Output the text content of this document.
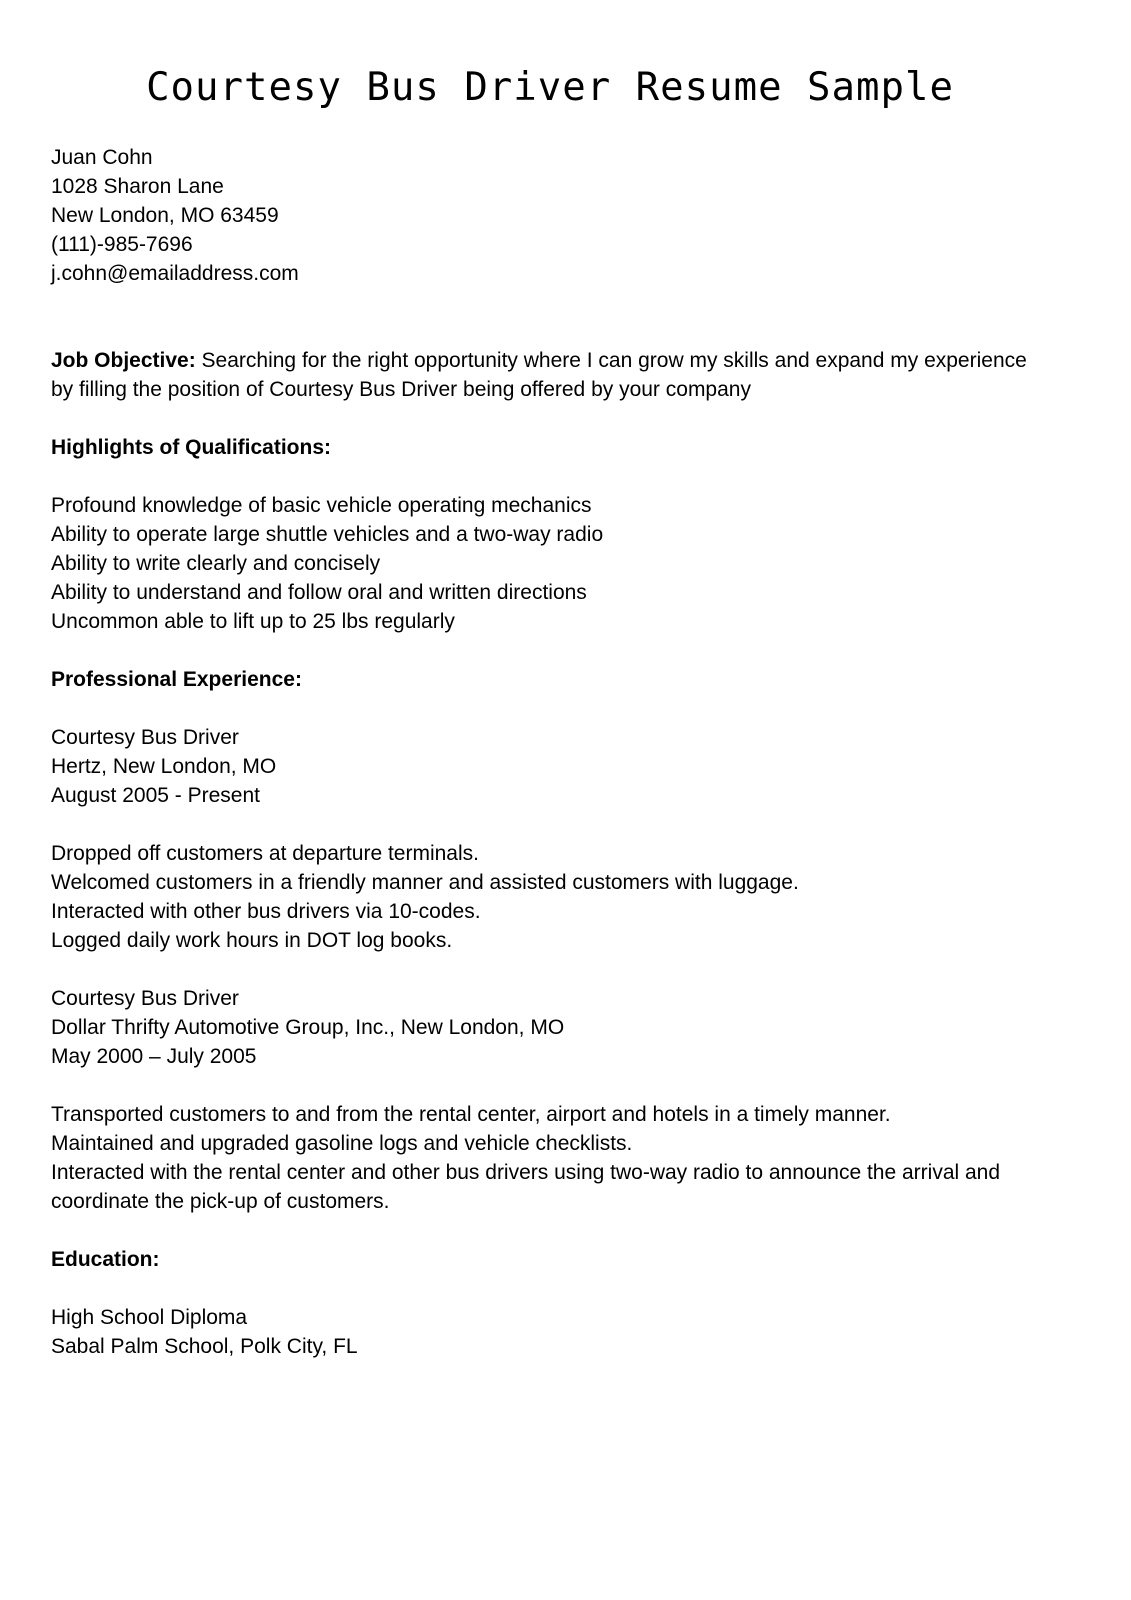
Courtesy Bus Driver Resume Sample
Juan Cohn
1028 Sharon Lane
New London, MO 63459
(111)-985-7696
j.cohn@emailaddress.com
Job Objective: Searching for the right opportunity where I can grow my skills and expand my experience by filling the position of Courtesy Bus Driver being offered by your company
Highlights of Qualifications:
Profound knowledge of basic vehicle operating mechanics
Ability to operate large shuttle vehicles and a two-way radio
Ability to write clearly and concisely
Ability to understand and follow oral and written directions
Uncommon able to lift up to 25 lbs regularly
Professional Experience:
Courtesy Bus Driver
Hertz, New London, MO
August 2005 - Present
Dropped off customers at departure terminals.
Welcomed customers in a friendly manner and assisted customers with luggage.
Interacted with other bus drivers via 10-codes.
Logged daily work hours in DOT log books.
Courtesy Bus Driver
Dollar Thrifty Automotive Group, Inc., New London, MO
May 2000 – July 2005
Transported customers to and from the rental center, airport and hotels in a timely manner.
Maintained and upgraded gasoline logs and vehicle checklists.
Interacted with the rental center and other bus drivers using two-way radio to announce the arrival and coordinate the pick-up of customers.
Education:
High School Diploma
Sabal Palm School, Polk City, FL
